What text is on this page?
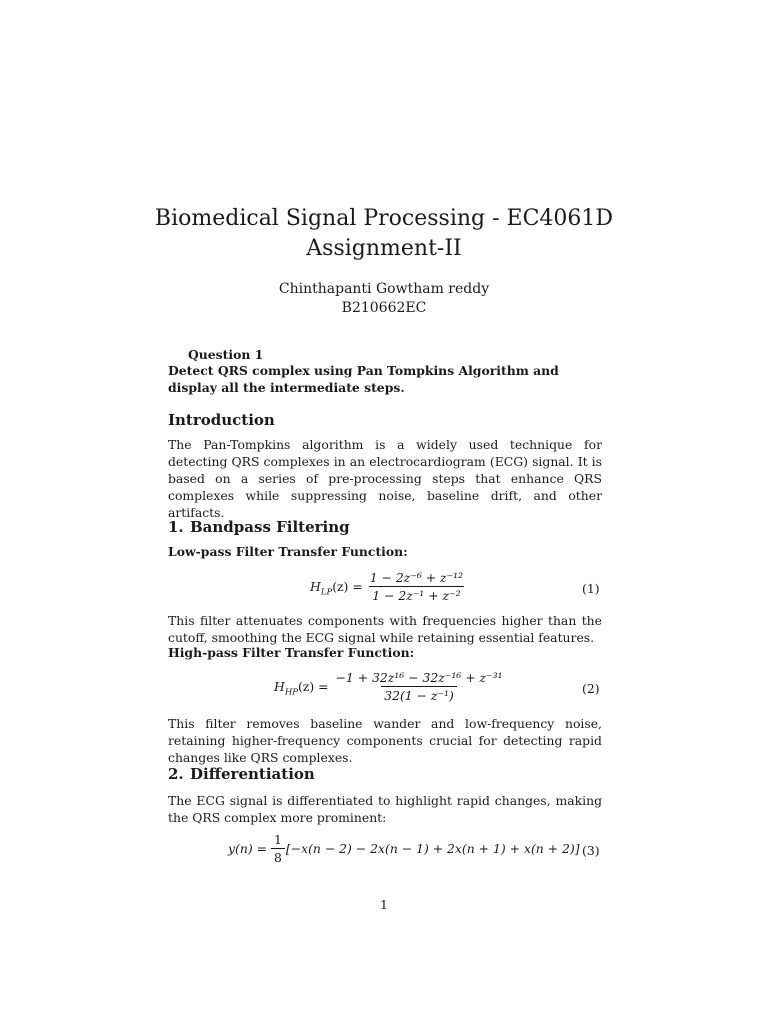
Biomedical Signal Processing - EC4061D
Assignment-II
Chinthapanti Gowtham reddy
B210662EC
Question 1
Detect QRS complex using Pan Tompkins Algorithm and display all the intermediate steps.
Introduction
The Pan-Tompkins algorithm is a widely used technique for detecting QRS complexes in an electrocardiogram (ECG) signal. It is based on a series of pre-processing steps that enhance QRS complexes while suppressing noise, baseline drift, and other artifacts.
1. Bandpass Filtering
Low-pass Filter Transfer Function:
$H_{LP}(z) = \frac{\text{1 − 2z⁻⁶ + z⁻¹²}}{\text{1 − 2z⁻¹ + z⁻²}}$	(1)
This filter attenuates components with frequencies higher than the cutoff, smoothing the ECG signal while retaining essential features.
High-pass Filter Transfer Function:
$H_{HP}(z) = \frac{\text{−1 + 32z¹⁶ − 32z⁻¹⁶ + z⁻³¹}}{\text{32(1 − z⁻¹)}}$	(2)
This filter removes baseline wander and low-frequency noise, retaining higher-frequency components crucial for detecting rapid changes like QRS complexes.
2. Differentiation
The ECG signal is differentiated to highlight rapid changes, making the QRS complex more prominent:
$y(n) = \frac{1}{8} [-x(n - 2) - 2x(n - 1) + 2x(n + 1) + x(n + 2)]$ (3)
1
